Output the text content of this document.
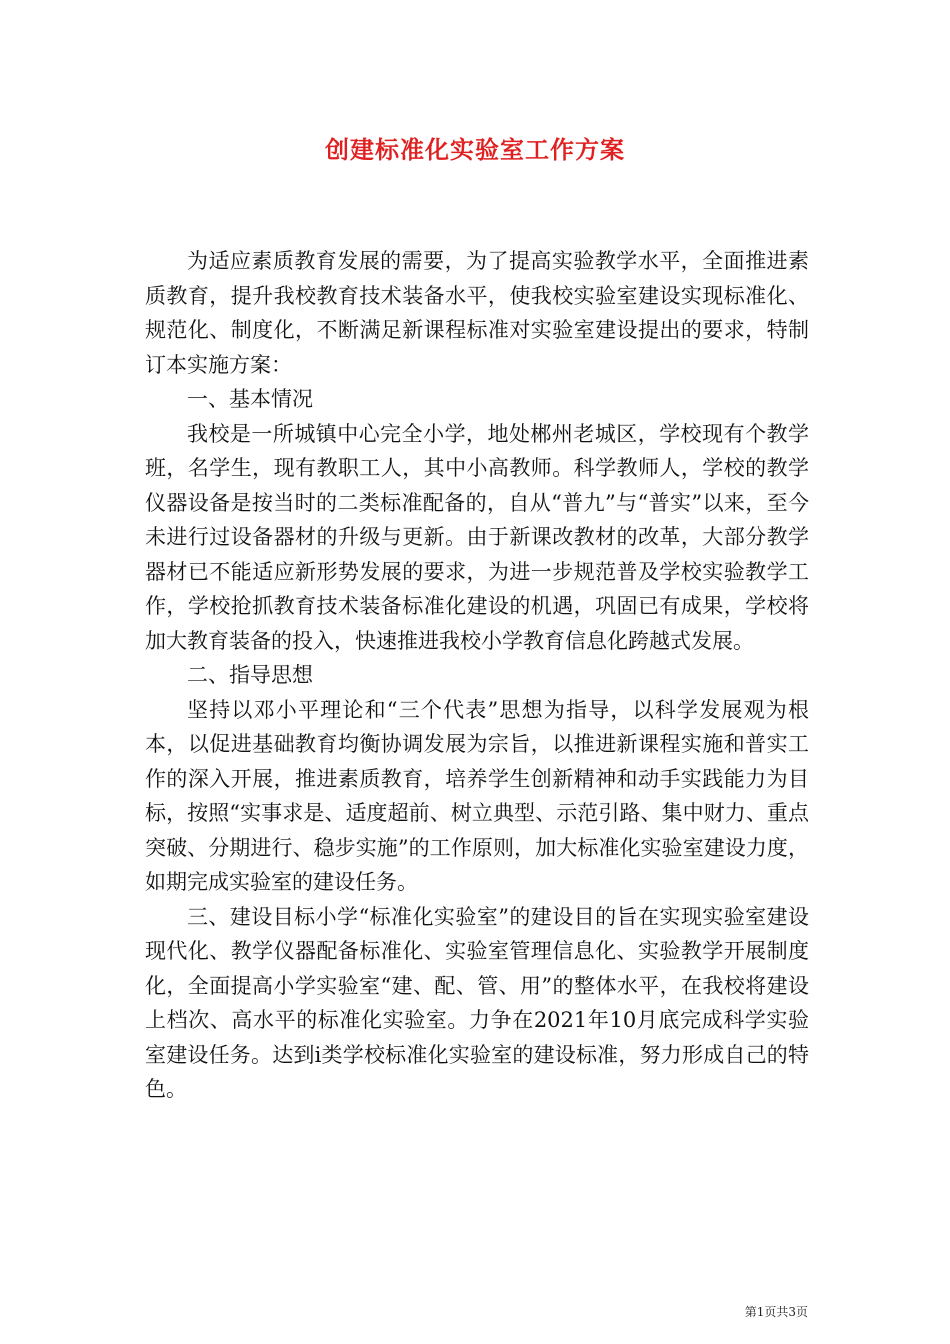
创建标准化实验室工作方案

为适应素质教育发展的需要，为了提高实验教学水平，全面推进素质教育，提升我校教育技术装备水平，使我校实验室建设实现标准化、规范化、制度化，不断满足新课程标准对实验室建设提出的要求，特制订本实施方案：

一、基本情况

我校是一所城镇中心完全小学，地处郴州老城区，学校现有个教学班，名学生，现有教职工人，其中小高教师。科学教师人，学校的教学仪器设备是按当时的二类标准配备的，自从“普九”与“普实”以来，至今未进行过设备器材的升级与更新。由于新课改教材的改革，大部分教学器材已不能适应新形势发展的要求，为进一步规范普及学校实验教学工作，学校抢抓教育技术装备标准化建设的机遇，巩固已有成果，学校将加大教育装备的投入，快速推进我校小学教育信息化跨越式发展。

二、指导思想

坚持以邓小平理论和“三个代表”思想为指导，以科学发展观为根本，以促进基础教育均衡协调发展为宗旨，以推进新课程实施和普实工作的深入开展，推进素质教育，培养学生创新精神和动手实践能力为目标，按照“实事求是、适度超前、树立典型、示范引路、集中财力、重点突破、分期进行、稳步实施”的工作原则，加大标准化实验室建设力度，如期完成实验室的建设任务。

三、建设目标小学“标准化实验室”的建设目的旨在实现实验室建设现代化、教学仪器配备标准化、实验室管理信息化、实验教学开展制度化，全面提高小学实验室“建、配、管、用”的整体水平，在我校将建设上档次、高水平的标准化实验室。力争在2021年10月底完成科学实验室建设任务。达到i类学校标准化实验室的建设标准，努力形成自己的特色。

第1页共3页
